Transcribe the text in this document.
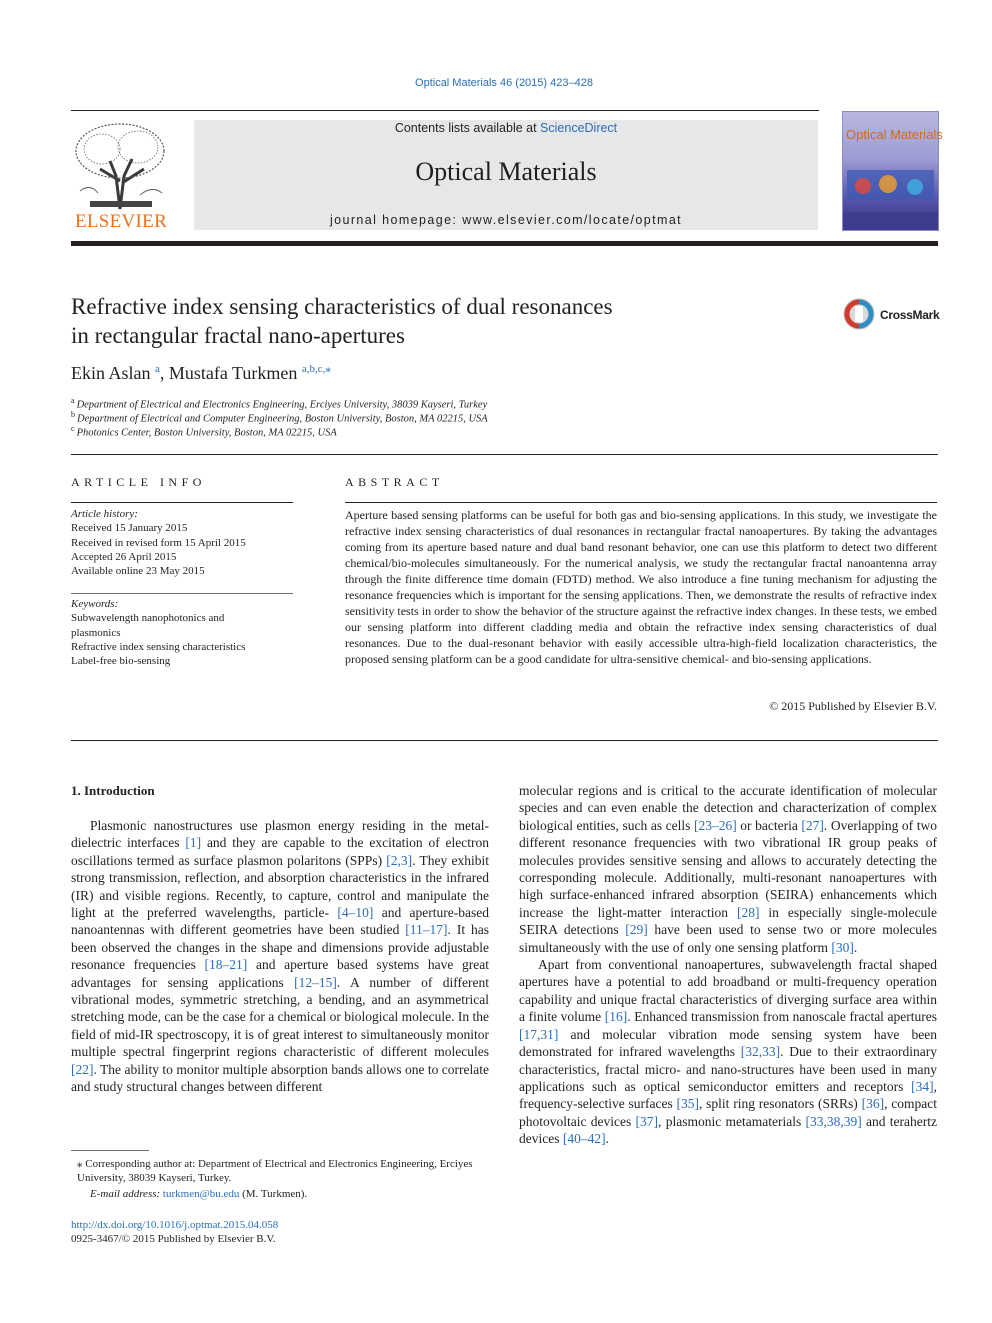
Optical Materials 46 (2015) 423–428
ELSEVIER
Contents lists available at ScienceDirect
Optical Materials
journal homepage: www.elsevier.com/locate/optmat
Optical Materials
Refractive index sensing characteristics of dual resonances
in rectangular fractal nano-apertures
CrossMark
Ekin Aslan $^a$, Mustafa Turkmen $^{a,b,c,⁎}$
$^a$ Department of Electrical and Electronics Engineering, Erciyes University, 38039 Kayseri, Turkey
$^b$ Department of Electrical and Computer Engineering, Boston University, Boston, MA 02215, USA
$^c$ Photonics Center, Boston University, Boston, MA 02215, USA
ARTICLE INFO
Article history:
Received 15 January 2015
Received in revised form 15 April 2015
Accepted 26 April 2015
Available online 23 May 2015
Keywords:
Subwavelength nanophotonics and
plasmonics
Refractive index sensing characteristics
Label-free bio-sensing
ABSTRACT
Aperture based sensing platforms can be useful for both gas and bio-sensing applications. In this study, we investigate the refractive index sensing characteristics of dual resonances in rectangular fractal nanoapertures. By taking the advantages coming from its aperture based nature and dual band resonant behavior, one can use this platform to detect two different chemical/bio-molecules simultaneously. For the numerical analysis, we study the rectangular fractal nanoantenna array through the finite difference time domain (FDTD) method. We also introduce a fine tuning mechanism for adjusting the resonance frequencies which is important for the sensing applications. Then, we demonstrate the results of refractive index sensitivity tests in order to show the behavior of the structure against the refractive index changes. In these tests, we embed our sensing platform into different cladding media and obtain the refractive index sensing characteristics of dual resonances. Due to the dual-resonant behavior with easily accessible ultra-high-field localization characteristics, the proposed sensing platform can be a good candidate for ultra-sensitive chemical- and bio-sensing applications.
© 2015 Published by Elsevier B.V.
1. Introduction

Plasmonic nanostructures use plasmon energy residing in the metal-dielectric interfaces [1] and they are capable to the excitation of electron oscillations termed as surface plasmon polaritons (SPPs) [2,3]. They exhibit strong transmission, reflection, and absorption characteristics in the infrared (IR) and visible regions. Recently, to capture, control and manipulate the light at the preferred wavelengths, particle- [4–10] and aperture-based nanoantennas with different geometries have been studied [11–17]. It has been observed the changes in the shape and dimensions provide adjustable resonance frequencies [18–21] and aperture based systems have great advantages for sensing applications [12–15]. A number of different vibrational modes, symmetric stretching, a bending, and an asymmetrical stretching mode, can be the case for a chemical or biological molecule. In the field of mid-IR spectroscopy, it is of great interest to simultaneously monitor multiple spectral fingerprint regions characteristic of different molecules [22]. The ability to monitor multiple absorption bands allows one to correlate and study structural changes between different

molecular regions and is critical to the accurate identification of molecular species and can even enable the detection and characterization of complex biological entities, such as cells [23–26] or bacteria [27]. Overlapping of two different resonance frequencies with two vibrational IR group peaks of molecules provides sensitive sensing and allows to accurately detecting the corresponding molecule. Additionally, multi-resonant nanoapertures with high surface-enhanced infrared absorption (SEIRA) enhancements which increase the light-matter interaction [28] in especially single-molecule SEIRA detections [29] have been used to sense two or more molecules simultaneously with the use of only one sensing platform [30].

Apart from conventional nanoapertures, subwavelength fractal shaped apertures have a potential to add broadband or multi-frequency operation capability and unique fractal characteristics of diverging surface area within a finite volume [16]. Enhanced transmission from nanoscale fractal apertures [17,31] and molecular vibration mode sensing system have been demonstrated for infrared wavelengths [32,33]. Due to their extraordinary characteristics, fractal micro- and nano-structures have been used in many applications such as optical semiconductor emitters and receptors [34], frequency-selective surfaces [35], split ring resonators (SRRs) [36], compact photovoltaic devices [37], plasmonic metamaterials [33,38,39] and terahertz devices [40–42].

⁎ Corresponding author at: Department of Electrical and Electronics Engineering, Erciyes University, 38039 Kayseri, Turkey.
E-mail address: turkmen@bu.edu (M. Turkmen).
http://dx.doi.org/10.1016/j.optmat.2015.04.058
0925-3467/© 2015 Published by Elsevier B.V.
